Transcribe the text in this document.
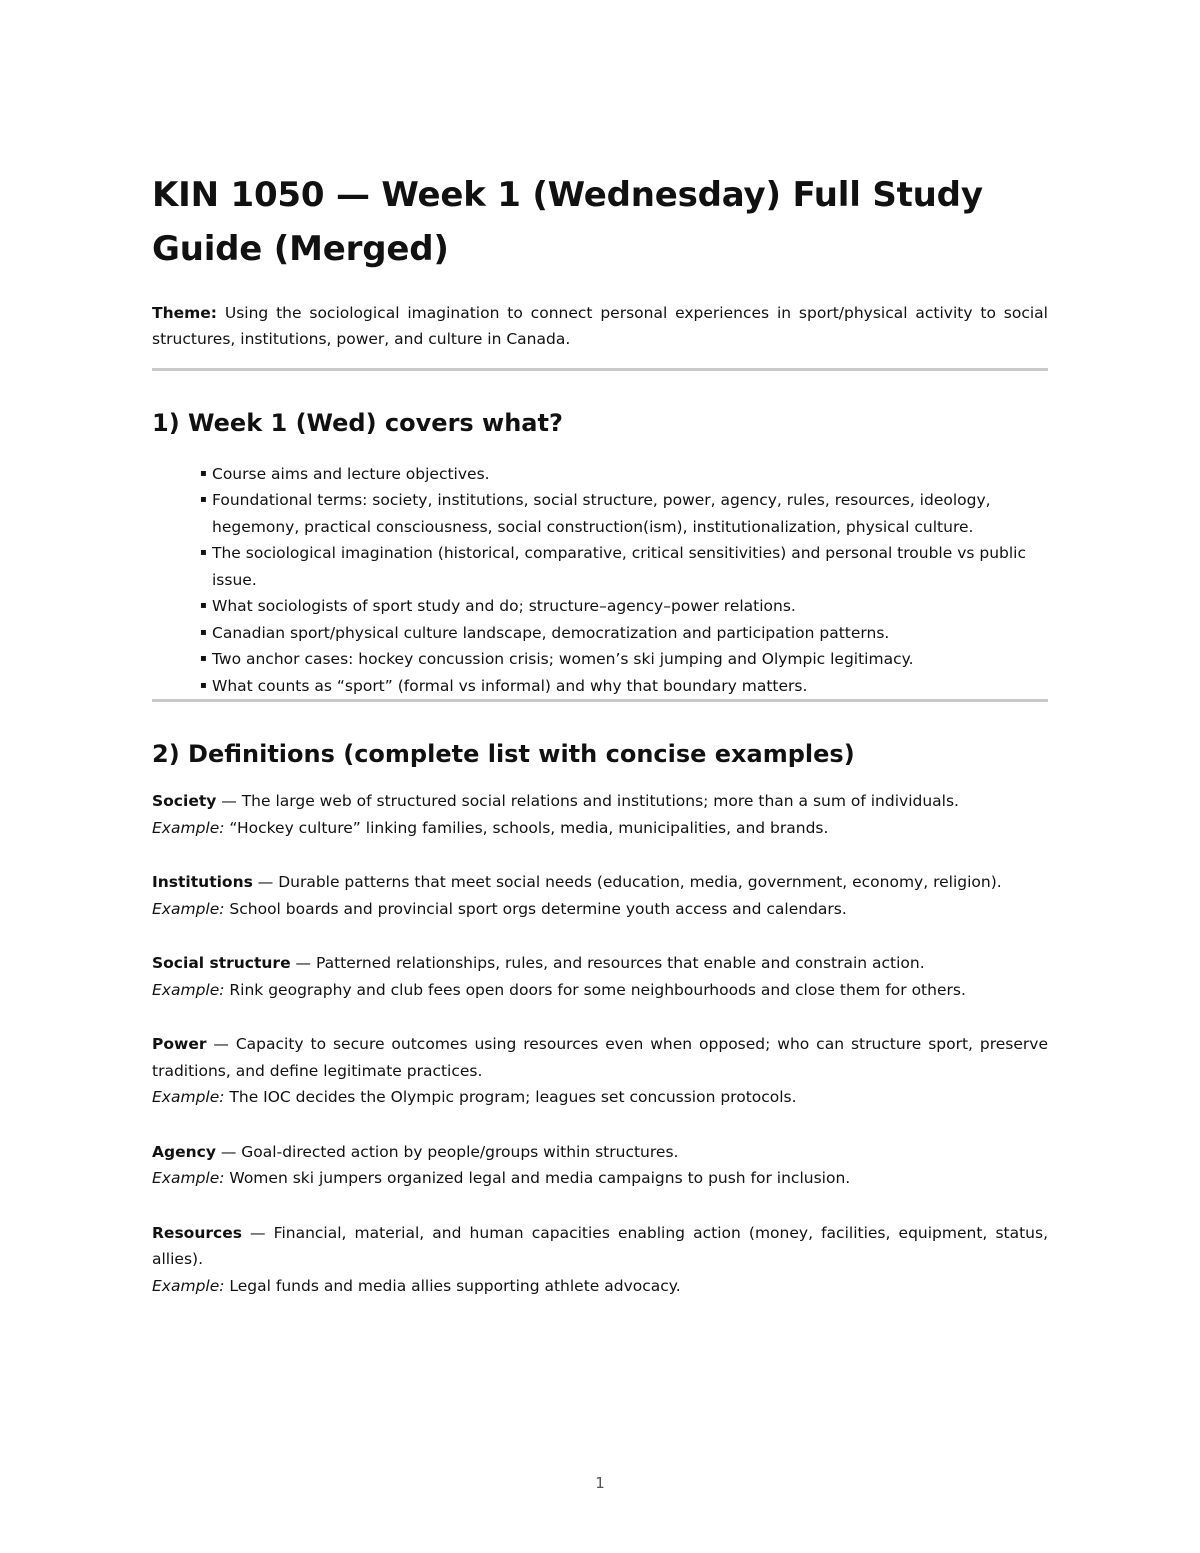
KIN 1050 — Week 1 (Wednesday) Full Study Guide (Merged)

Theme: Using the sociological imagination to connect personal experiences in sport/physical activity to social structures, institutions, power, and culture in Canada.

1) Week 1 (Wed) covers what?
▪ Course aims and lecture objectives.
▪ Foundational terms: society, institutions, social structure, power, agency, rules, resources, ideology, hegemony, practical consciousness, social construction(ism), institutionalization, physical culture.
▪ The sociological imagination (historical, comparative, critical sensitivities) and personal trouble vs public issue.
▪ What sociologists of sport study and do; structure–agency–power relations.
▪ Canadian sport/physical culture landscape, democratization and participation patterns.
▪ Two anchor cases: hockey concussion crisis; women’s ski jumping and Olympic legitimacy.
▪ What counts as “sport” (formal vs informal) and why that boundary matters.
2) Definitions (complete list with concise examples)
Society — The large web of structured social relations and institutions; more than a sum of individuals.
Example: “Hockey culture” linking families, schools, media, municipalities, and brands.
Institutions — Durable patterns that meet social needs (education, media, government, economy, religion).
Example: School boards and provincial sport orgs determine youth access and calendars.
Social structure — Patterned relationships, rules, and resources that enable and constrain action.
Example: Rink geography and club fees open doors for some neighbourhoods and close them for others.
Power — Capacity to secure outcomes using resources even when opposed; who can structure sport, preserve traditions, and define legitimate practices.
Example: The IOC decides the Olympic program; leagues set concussion protocols.
Agency — Goal-directed action by people/groups within structures.
Example: Women ski jumpers organized legal and media campaigns to push for inclusion.
Resources — Financial, material, and human capacities enabling action (money, facilities, equipment, status, allies).
Example: Legal funds and media allies supporting athlete advocacy.
1
